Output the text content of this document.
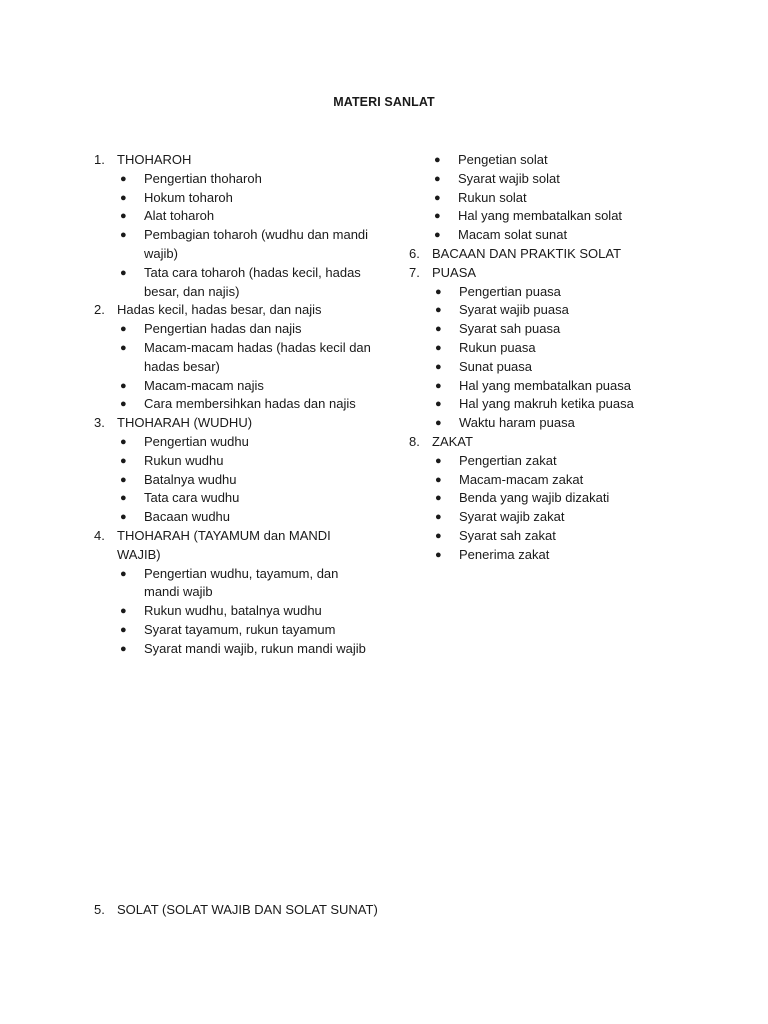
MATERI SANLAT
1. THOHAROH
●	Pengertian thoharoh
●	Hokum toharoh
●	Alat toharoh
●	Pembagian toharoh (wudhu dan mandi wajib)
●	Tata cara toharoh (hadas kecil, hadas besar, dan najis)
2. Hadas kecil, hadas besar, dan najis
●	Pengertian hadas dan najis
●	Macam-macam hadas (hadas kecil dan hadas besar)
●	Macam-macam najis
●	Cara membersihkan hadas dan najis
3. THOHARAH (WUDHU)
●	Pengertian wudhu
●	Rukun wudhu
●	Batalnya wudhu
●	Tata cara wudhu
●	Bacaan wudhu
4. THOHARAH (TAYAMUM dan MANDI WAJIB)
●	Pengertian wudhu, tayamum, dan mandi wajib
●	Rukun wudhu, batalnya wudhu
●	Syarat tayamum, rukun tayamum
●	Syarat mandi wajib, rukun mandi wajib
●	Pengetian solat
●	Syarat wajib solat
●	Rukun solat
●	Hal yang membatalkan solat
●	Macam solat sunat
6. BACAAN DAN PRAKTIK SOLAT
7. PUASA
●	Pengertian puasa
●	Syarat wajib puasa
●	Syarat sah puasa
●	Rukun puasa
●	Sunat puasa
●	Hal yang membatalkan puasa
●	Hal yang makruh ketika puasa
●	Waktu haram puasa
8. ZAKAT
●	Pengertian zakat
●	Macam-macam zakat
●	Benda yang wajib dizakati
●	Syarat wajib zakat
●	Syarat sah zakat
●	Penerima zakat
5. SOLAT (SOLAT WAJIB DAN SOLAT SUNAT)
